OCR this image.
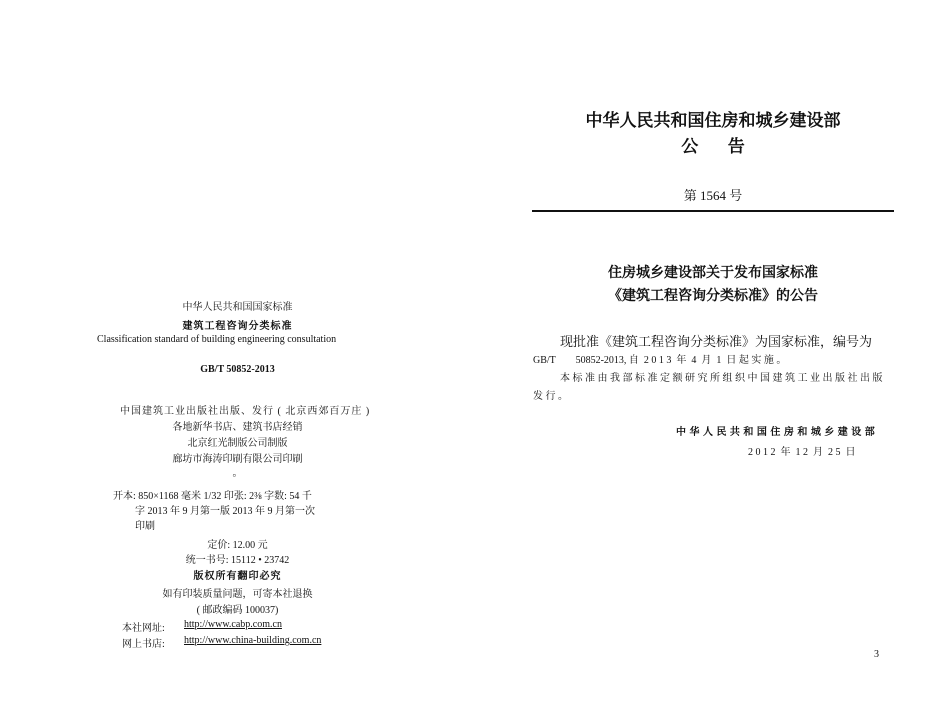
中华人民共和国国家标准
建筑工程咨询分类标准
Classification standard of building engineering consultation
GB/T 50852-2013
中国建筑工业出版社出版、发行 ( 北京西郊百万庄 )
各地新华书店、建筑书店经销
北京红光制版公司制版
廊坊市海涛印刷有限公司印刷
。
开本: 850×1168 毫米 1/32 印张: 2⅜ 字数: 54 千
字 2013 年 9 月第一版 2013 年 9 月第一次
印刷
定价: 12.00 元
统一书号: 15112 • 23742
版权所有翻印必究
如有印装质量问题，可寄本社退换
( 邮政编码 100037)
本社网址: http://www.cabp.com.cn
网上书店: http://www.china-building.com.cn
中华人民共和国住房和城乡建设部
公     告
第 1564 号
住房城乡建设部关于发布国家标准
《建筑工程咨询分类标准》的公告
现批准《建筑工程咨询分类标准》为国家标准，编号为
GB/T        50852-2013, 自  2 0 1 3  年  4  月  1  日 起 实 施 。
本 标 准 由 我 部 标 准 定 额 研 究 所 组 织 中 国 建 筑 工 业 出 版 社 出 版
发 行 。
中 华 人 民 共 和 国 住 房 和 城 乡 建 设 部
2 0 1 2  年  1 2  月  2 5  日
3
